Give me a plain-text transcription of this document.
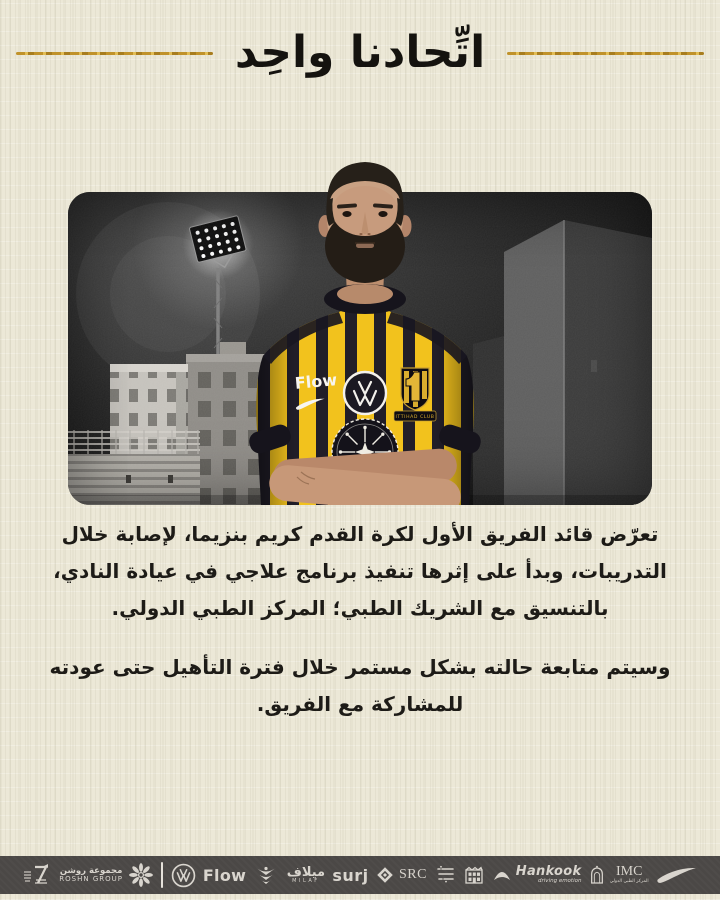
اتِّحادنا واحِد
Flow
ITTIHAD CLUB

تعرّض قائد الفريق الأول لكرة القدم كريم بنزيما، لإصابة خلال التدريبات، وبدأ على إثرها تنفيذ برنامج علاجي في عيادة النادي، بالتنسيق مع الشريك الطبي؛ المركز الطبي الدولي.

وسيتم متابعة حالته بشكل مستمر خلال فترة التأهيل حتى عودته للمشاركة مع الفريق.

مجموعة روشن
ROSHN GROUP	Flow	ميلاف
MILAF surj SRC	Hankook
driving emotion
IMC
المركز الطبي الدولي
